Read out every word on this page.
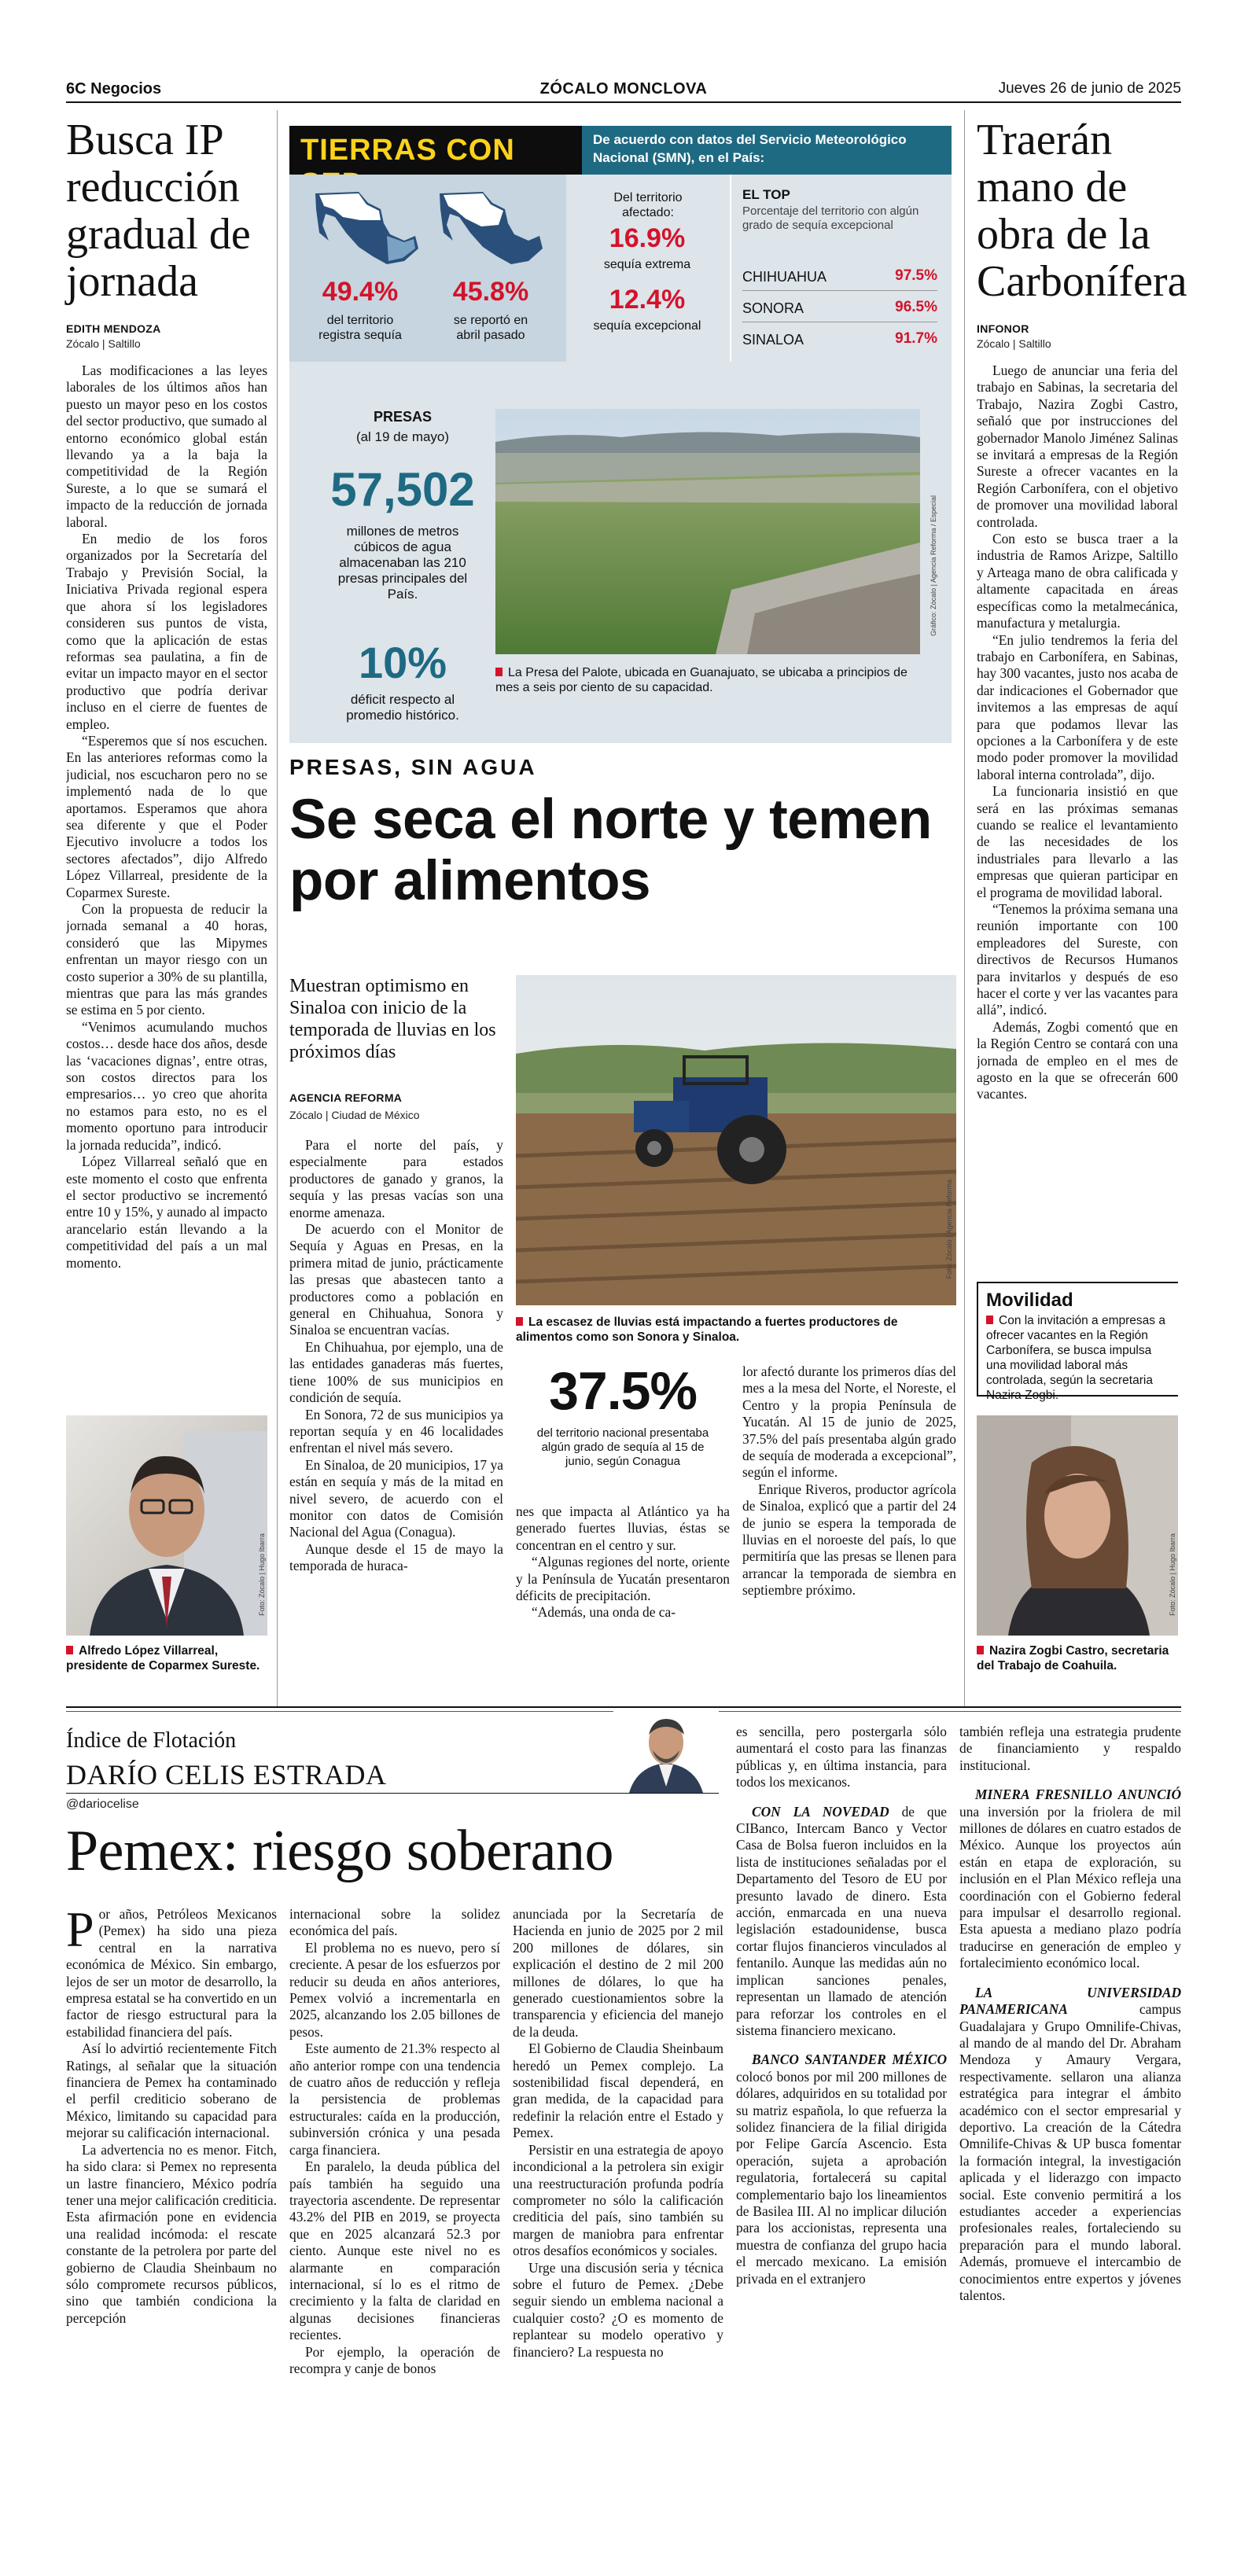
6C Negocios	ZÓCALO MONCLOVA	Jueves 26 de junio de 2025
Busca IP reducción gradual de jornada
EDITH MENDOZA
Zócalo | Saltillo

Las modificaciones a las leyes laborales de los últimos años han puesto un mayor peso en los costos del sector productivo, que sumado al entorno económico global están llevando ya a la baja la competitividad de la Región Sureste, a lo que se sumará el impacto de la reducción de jornada laboral.

En medio de los foros organizados por la Secretaría del Trabajo y Previsión Social, la Iniciativa Privada regional espera que ahora sí los legisladores consideren sus puntos de vista, como que la aplicación de estas reformas sea paulatina, a fin de evitar un impacto mayor en el sector productivo que podría derivar incluso en el cierre de fuentes de empleo.

“Esperemos que sí nos escuchen. En las anteriores reformas como la judicial, nos escucharon pero no se implementó nada de lo que aportamos. Esperamos que ahora sea diferente y que el Poder Ejecutivo involucre a todos los sectores afectados”, dijo Alfredo López Villarreal, presidente de la Coparmex Sureste.

Con la propuesta de reducir la jornada semanal a 40 horas, consideró que las Mipymes enfrentan un mayor riesgo con un costo superior a 30% de su plantilla, mientras que para las más grandes se estima en 5 por ciento.

“Venimos acumulando muchos costos… desde hace dos años, desde las ‘vacaciones dignas’, entre otras, son costos directos para los empresarios… yo creo que ahorita no estamos para esto, no es el momento oportuno para introducir la jornada reducida”, indicó.

López Villarreal señaló que en este momento el costo que enfrenta el sector productivo se incrementó entre 10 y 15%, y aunado al impacto arancelario están llevando a la competitividad del país a un mal momento.

Foto: Zócalo | Hugo Ibarra
Alfredo López Villarreal, presidente de Coparmex Sureste.
TIERRAS CON	De acuerdo con datos del Servicio Meteorológico Nacional (SMN), en el País:
49.4%
del territorio registra sequía
45.8%
se reportó en abril pasado
Del territorio afectado:
16.9%
sequía extrema
12.4%
sequía excepcional
EL TOP
Porcentaje del territorio con algún grado de sequía excepcional
CHIHUAHUA	97.5%
SONORA	96.5%
SINALOA	91.7%
PRESAS
(al 19 de mayo)
57,502
millones de metros cúbicos de agua almacenaban las 210 presas principales del País.
10%
déficit respecto al promedio histórico.
Gráfico: Zócalo | Agencia Reforma / Especial
La Presa del Palote, ubicada en Guanajuato, se ubicaba a principios de mes a seis por ciento de su capacidad.
PRESAS, SIN AGUA
Se seca el norte y temen por alimentos
Muestran optimismo en Sinaloa con inicio de la temporada de lluvias en los próximos días
AGENCIA REFORMA
Zócalo | Ciudad de México

Para el norte del país, y especialmente para estados productores de ganado y granos, la sequía y las presas vacías son una enorme amenaza.

De acuerdo con el Monitor de Sequía y Aguas en Presas, en la primera mitad de junio, prácticamente las presas que abastecen tanto a productores como a población en general en Chihuahua, Sonora y Sinaloa se encuentran vacías.

En Chihuahua, por ejemplo, una de las entidades ganaderas más fuertes, tiene 100% de sus municipios en condición de sequía.

En Sonora, 72 de sus municipios ya reportan sequía y en 46 localidades enfrentan el nivel más severo.

En Sinaloa, de 20 municipios, 17 ya están en sequía y más de la mitad en nivel severo, de acuerdo con el monitor con datos de Comisión Nacional del Agua (Conagua).

Aunque desde el 15 de mayo la temporada de huraca-

Foto: Zócalo | Agencia Reforma
La escasez de lluvias está impactando a fuertes productores de alimentos como son Sonora y Sinaloa.
37.5%
del territorio nacional presentaba algún grado de sequía al 15 de junio, según Conagua

nes que impacta al Atlántico ya ha generado fuertes lluvias, éstas se concentran en el centro y sur.

“Algunas regiones del norte, oriente y la Península de Yucatán presentaron déficits de precipitación.

“Además, una onda de ca-

lor afectó durante los primeros días del mes a la mesa del Norte, el Noreste, el Centro y la propia Península de Yucatán. Al 15 de junio de 2025, 37.5% del país presentaba algún grado de sequía de moderada a excepcional”, según el informe.

Enrique Riveros, productor agrícola de Sinaloa, explicó que a partir del 24 de junio se espera la temporada de lluvias en el noroeste del país, lo que permitiría que las presas se llenen para arrancar la temporada de siembra en septiembre próximo.

Traerán mano de obra de la Carbonífera
INFONOR
Zócalo | Saltillo

Luego de anunciar una feria del trabajo en Sabinas, la secretaria del Trabajo, Nazira Zogbi Castro, señaló que por instrucciones del gobernador Manolo Jiménez Salinas se invitará a empresas de la Región Sureste a ofrecer vacantes en la Región Carbonífera, con el objetivo de promover una movilidad laboral controlada.

Con esto se busca traer a la industria de Ramos Arizpe, Saltillo y Arteaga mano de obra calificada y altamente capacitada en áreas específicas como la metalmecánica, manufactura y metalurgia.

“En julio tendremos la feria del trabajo en Carbonífera, en Sabinas, hay 300 vacantes, justo nos acaba de dar indicaciones el Gobernador que invitemos a las empresas de aquí para que podamos llevar las opciones a la Carbonífera y de este modo poder promover la movilidad laboral interna controlada”, dijo.

La funcionaria insistió en que será en las próximas semanas cuando se realice el levantamiento de las necesidades de los industriales para llevarlo a las empresas que quieran participar en el programa de movilidad laboral.

“Tenemos la próxima semana una reunión importante con 100 empleadores del Sureste, con directivos de Recursos Humanos para invitarlos y después de eso hacer el corte y ver las vacantes para allá”, indicó.

Además, Zogbi comentó que en la Región Centro se contará con una jornada de empleo en el mes de agosto en la que se ofrecerán 600 vacantes.

Movilidad
Con la invitación a empresas a ofrecer vacantes en la Región Carbonífera, se busca impulsa una movilidad laboral más controlada, según la secretaria Nazira Zogbi.
Foto: Zócalo | Hugo Ibarra
Nazira Zogbi Castro, secretaria del Trabajo de Coahuila.
Índice de Flotación
DARÍO CELIS ESTRADA
@dariocelise
Pemex: riesgo soberano

Por años, Petróleos Mexicanos (Pemex) ha sido una pieza central en la narrativa económica de México. Sin embargo, lejos de ser un motor de desarrollo, la empresa estatal se ha convertido en un factor de riesgo estructural para la estabilidad financiera del país.

Así lo advirtió recientemente Fitch Ratings, al señalar que la situación financiera de Pemex ha contaminado el perfil crediticio soberano de México, limitando su capacidad para mejorar su calificación internacional.

La advertencia no es menor. Fitch, ha sido clara: si Pemex no representa un lastre financiero, México podría tener una mejor calificación crediticia. Esta afirmación pone en evidencia una realidad incómoda: el rescate constante de la petrolera por parte del gobierno de Claudia Sheinbaum no sólo compromete recursos públicos, sino que también condiciona la percepción

internacional sobre la solidez económica del país.

El problema no es nuevo, pero sí creciente. A pesar de los esfuerzos por reducir su deuda en años anteriores, Pemex volvió a incrementarla en 2025, alcanzando los 2.05 billones de pesos.

Este aumento de 21.3% respecto al año anterior rompe con una tendencia de cuatro años de reducción y refleja la persistencia de problemas estructurales: caída en la producción, subinversión crónica y una pesada carga financiera.

En paralelo, la deuda pública del país también ha seguido una trayectoria ascendente. De representar 43.2% del PIB en 2019, se proyecta que en 2025 alcanzará 52.3 por ciento. Aunque este nivel no es alarmante en comparación internacional, sí lo es el ritmo de crecimiento y la falta de claridad en algunas decisiones financieras recientes.

Por ejemplo, la operación de recompra y canje de bonos

anunciada por la Secretaría de Hacienda en junio de 2025 por 2 mil 200 millones de dólares, sin explicación el destino de 2 mil 200 millones de dólares, lo que ha generado cuestionamientos sobre la transparencia y eficiencia del manejo de la deuda.

El Gobierno de Claudia Sheinbaum heredó un Pemex complejo. La sostenibilidad fiscal dependerá, en gran medida, de la capacidad para redefinir la relación entre el Estado y Pemex.

Persistir en una estrategia de apoyo incondicional a la petrolera sin exigir una reestructuración profunda podría comprometer no sólo la calificación crediticia del país, sino también su margen de maniobra para enfrentar otros desafíos económicos y sociales.

Urge una discusión seria y técnica sobre el futuro de Pemex. ¿Debe seguir siendo un emblema nacional a cualquier costo? ¿O es momento de replantear su modelo operativo y financiero? La respuesta no

es sencilla, pero postergarla sólo aumentará el costo para las finanzas públicas y, en última instancia, para todos los mexicanos.

CON LA NOVEDAD de que CIBanco, Intercam Banco y Vector Casa de Bolsa fueron incluidos en la lista de instituciones señaladas por el Departamento del Tesoro de EU por presunto lavado de dinero. Esta acción, enmarcada en una nueva legislación estadounidense, busca cortar flujos financieros vinculados al fentanilo. Aunque las medidas aún no implican sanciones penales, representan un llamado de atención para reforzar los controles en el sistema financiero mexicano.

BANCO SANTANDER MÉXICO colocó bonos por mil 200 millones de dólares, adquiridos en su totalidad por su matriz española, lo que refuerza la solidez financiera de la filial dirigida por Felipe García Ascencio. Esta operación, sujeta a aprobación regulatoria, fortalecerá su capital complementario bajo los lineamientos de Basilea III. Al no implicar dilución para los accionistas, representa una muestra de confianza del grupo hacia el mercado mexicano. La emisión privada en el extranjero

también refleja una estrategia prudente de financiamiento y respaldo institucional.

MINERA FRESNILLO ANUNCIÓ una inversión por la friolera de mil millones de dólares en cuatro estados de México. Aunque los proyectos aún están en etapa de exploración, su inclusión en el Plan México refleja una coordinación con el Gobierno federal para impulsar el desarrollo regional. Esta apuesta a mediano plazo podría traducirse en generación de empleo y fortalecimiento económico local.

LA UNIVERSIDAD PANAMERICANA	campus Guadalajara y Grupo Omnilife-Chivas, al mando de al mando del Dr. Abraham Mendoza y Amaury Vergara, respectivamente. sellaron una alianza estratégica para integrar el ámbito académico con el sector empresarial y deportivo. La creación de la Cátedra Omnilife-Chivas & UP busca fomentar la formación integral, la investigación aplicada y el liderazgo con impacto social. Este convenio permitirá a los estudiantes acceder a experiencias profesionales reales, fortaleciendo su preparación para el mundo laboral. Además, promueve el intercambio de conocimientos entre expertos y jóvenes talentos.
